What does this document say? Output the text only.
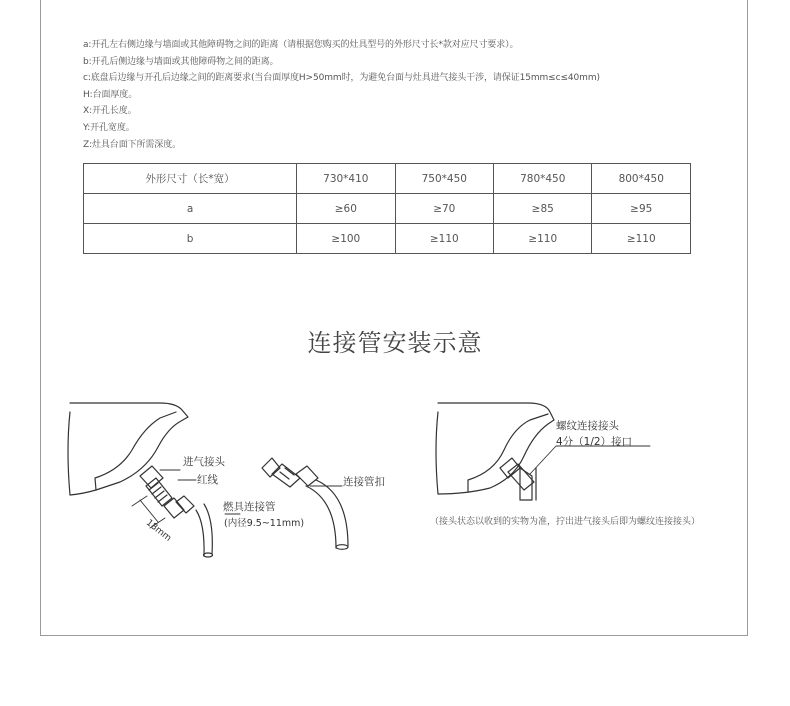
a:开孔左右侧边缘与墙面或其他障碍物之间的距离（请根据您购买的灶具型号的外形尺寸长*款对应尺寸要求）。
b:开孔后侧边缘与墙面或其他障碍物之间的距离。
c:底盘后边缘与开孔后边缘之间的距离要求(当台面厚度H>50mm时，为避免台面与灶具进气接头干涉，请保证15mm≤c≤40mm)
H:台面厚度。
X:开孔长度。
Y:开孔宽度。
Z:灶具台面下所需深度。
外形尺寸（长*宽）	730*410	750*450	780*450	800*450
a	≥60	≥70	≥85	≥95
b	≥100	≥110	≥110	≥110
连接管安装示意
进气接头
红线
18mm
燃具连接管
(内径9.5~11mm)
连接管扣
螺纹连接接头
4分（1/2）接口
（接头状态以收到的实物为准，拧出进气接头后即为螺纹连接接头）
